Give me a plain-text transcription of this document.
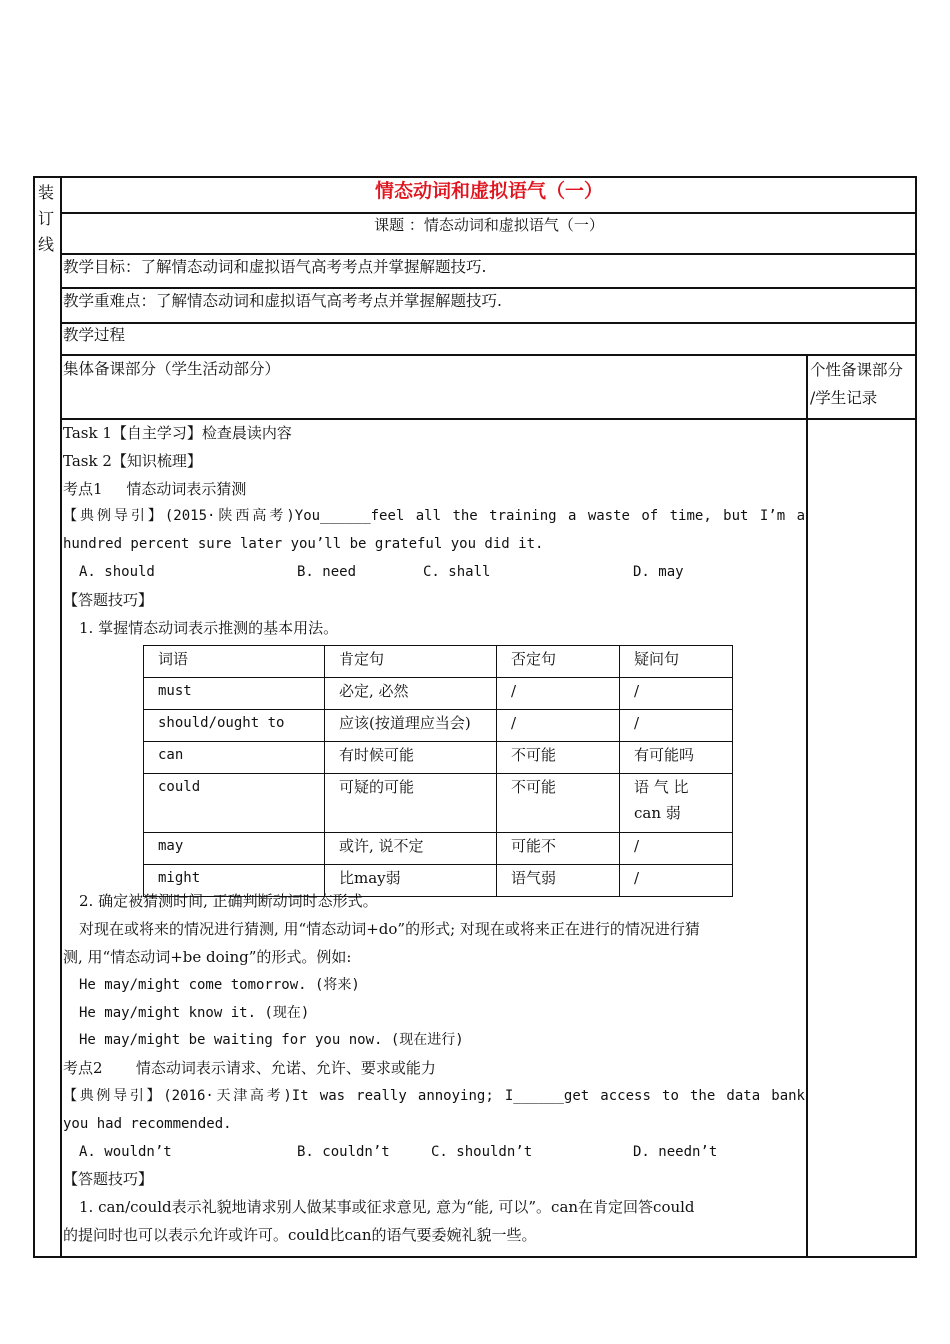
装
订
线
情态动词和虚拟语气（一）
课题 ：情态动词和虚拟语气（一）
教学目标：了解情态动词和虚拟语气高考考点并掌握解题技巧.
教学重难点：了解情态动词和虚拟语气高考考点并掌握解题技巧.
教学过程
集体备课部分（学生活动部分）	个性备课部分
/学生记录

Task 1【自主学习】检查晨读内容

Task 2【知识梳理】

考点1     情态动词表示猜测

【典例导引】(2015·陕西高考)You______feel all the training a waste of time, but I’m a

hundred percent sure later you’ll be grateful you did it.

A. should	B. need	C. shall	D. may

【答题技巧】

1. 掌握情态动词表示推测的基本用法。

2. 确定被猜测时间, 正确判断动词时态形式。

对现在或将来的情况进行猜测, 用“情态动词+do”的形式; 对现在或将来正在进行的情况进行猜

测, 用“情态动词+be doing”的形式。例如:

He may/might come tomorrow. (将来)

He may/might know it. (现在)

He may/might be waiting for you now. (现在进行)

考点2       情态动词表示请求、允诺、允许、要求或能力

【典例导引】(2016·天津高考)It was really annoying; I______get access to the data bank

you had recommended.

A. wouldn’t	B. couldn’t	C. shouldn’t	D. needn’t

【答题技巧】

1. can/could表示礼貌地请求别人做某事或征求意见, 意为“能, 可以”。can在肯定回答could

的提问时也可以表示允许或许可。could比can的语气要委婉礼貌一些。

词语	肯定句	否定句	疑问句
must	必定, 必然	/	/
should/ought to	应该(按道理应当会)	/	/
can	有时候可能	不可能	有可能吗
could	可疑的可能	不可能	语 气 比 can 弱
may	或许, 说不定	可能不	/
might	比may弱	语气弱	/
